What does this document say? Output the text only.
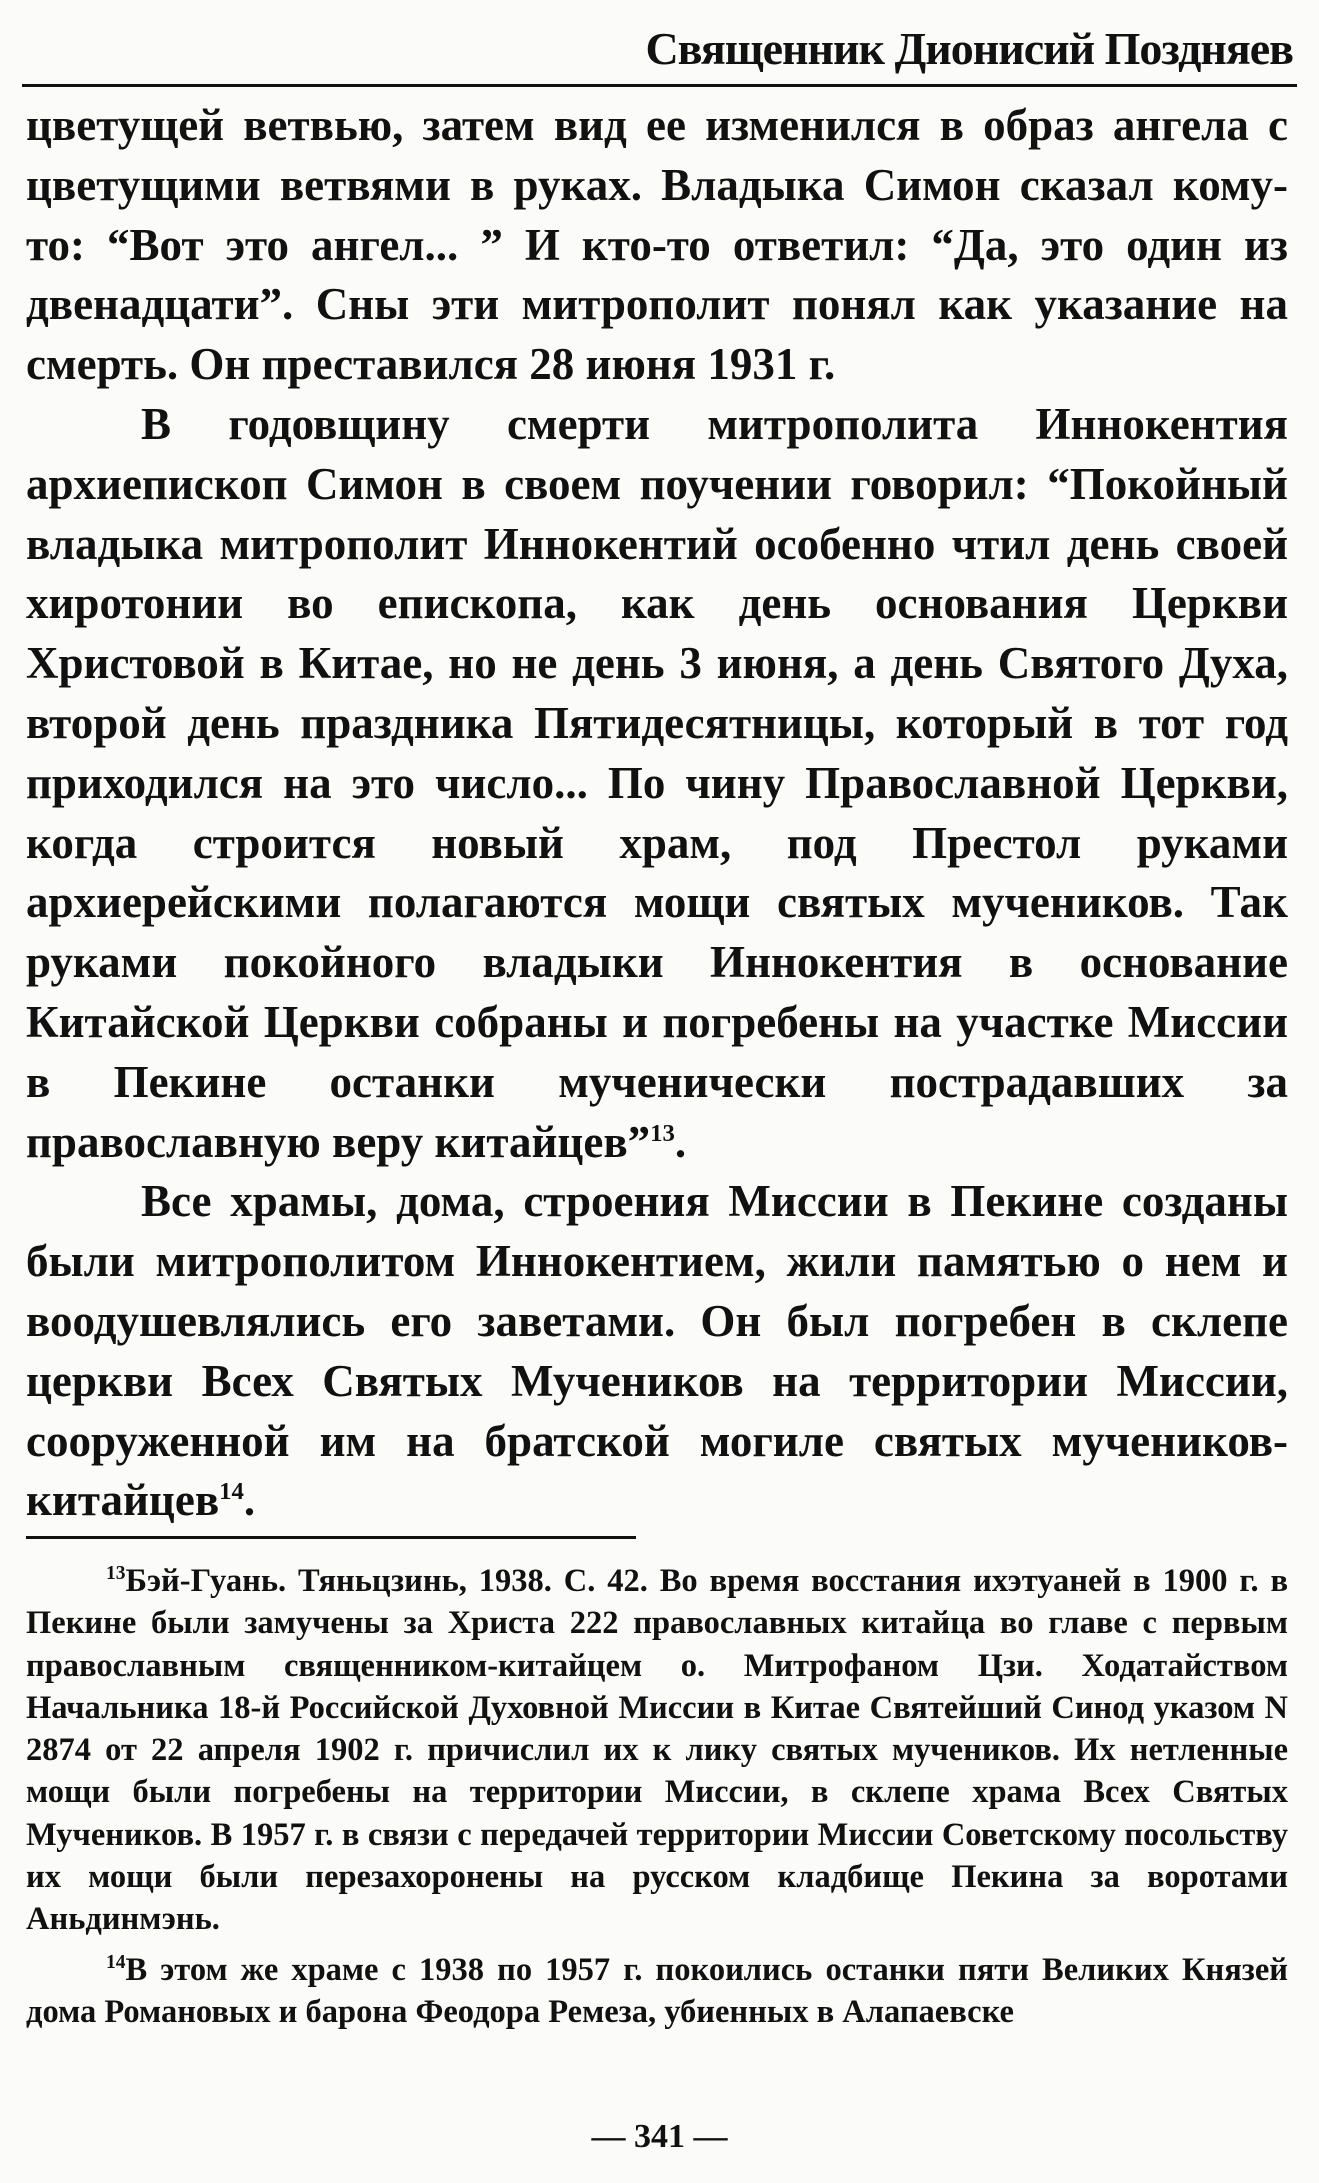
Священник Дионисий Поздняев

цветущей ветвью, затем вид ее изменился в образ ангела с цветущими ветвями в руках. Владыка Симон сказал кому-то: “Вот это ангел... ” И кто-то ответил: “Да, это один из двенадцати”. Сны эти митрополит понял как указание на смерть. Он преставился 28 июня 1931 г.

В годовщину смерти митрополита Иннокентия архиепископ Симон в своем поучении говорил: “Покойный владыка митрополит Иннокентий особенно чтил день своей хиротонии во епископа, как день основания Церкви Христовой в Китае, но не день 3 июня, а день Святого Духа, второй день праздника Пятидесятницы, который в тот год приходился на это число... По чину Православной Церкви, когда строится новый храм, под Престол руками архиерейскими полагаются мощи святых мучеников. Так руками покойного владыки Иннокентия в основание Китайской Церкви собраны и погребены на участке Миссии в Пекине останки мученически пострадавших за православную веру китайцев”$^{13}$.

Все храмы, дома, строения Миссии в Пекине созданы были митрополитом Иннокентием, жили памятью о нем и воодушевлялись его заветами. Он был погребен в склепе церкви Всех Святых Мучеников на территории Миссии, сооруженной им на братской могиле святых мучеников-китайцев$^{14}$.

$^{13}$Бэй-Гуань. Тяньцзинь, 1938. С. 42. Во время восстания ихэтуаней в 1900 г. в Пекине были замучены за Христа 222 православных китайца во главе с первым православным священником-китайцем о. Митрофаном Цзи. Ходатайством Начальника 18-й Российской Духовной Миссии в Китае Святейший Синод указом N 2874 от 22 апреля 1902 г. причислил их к лику святых мучеников. Их нетленные мощи были погребены на территории Миссии, в склепе храма Всех Святых Мучеников. В 1957 г. в связи с передачей территории Миссии Советскому посольству их мощи были перезахоронены на русском кладбище Пекина за воротами Аньдинмэнь.

$^{14}$В этом же храме с 1938 по 1957 г. покоились останки пяти Великих Князей дома Романовых и барона Феодора Ремеза, убиенных в Алапаевске

— 341 —
